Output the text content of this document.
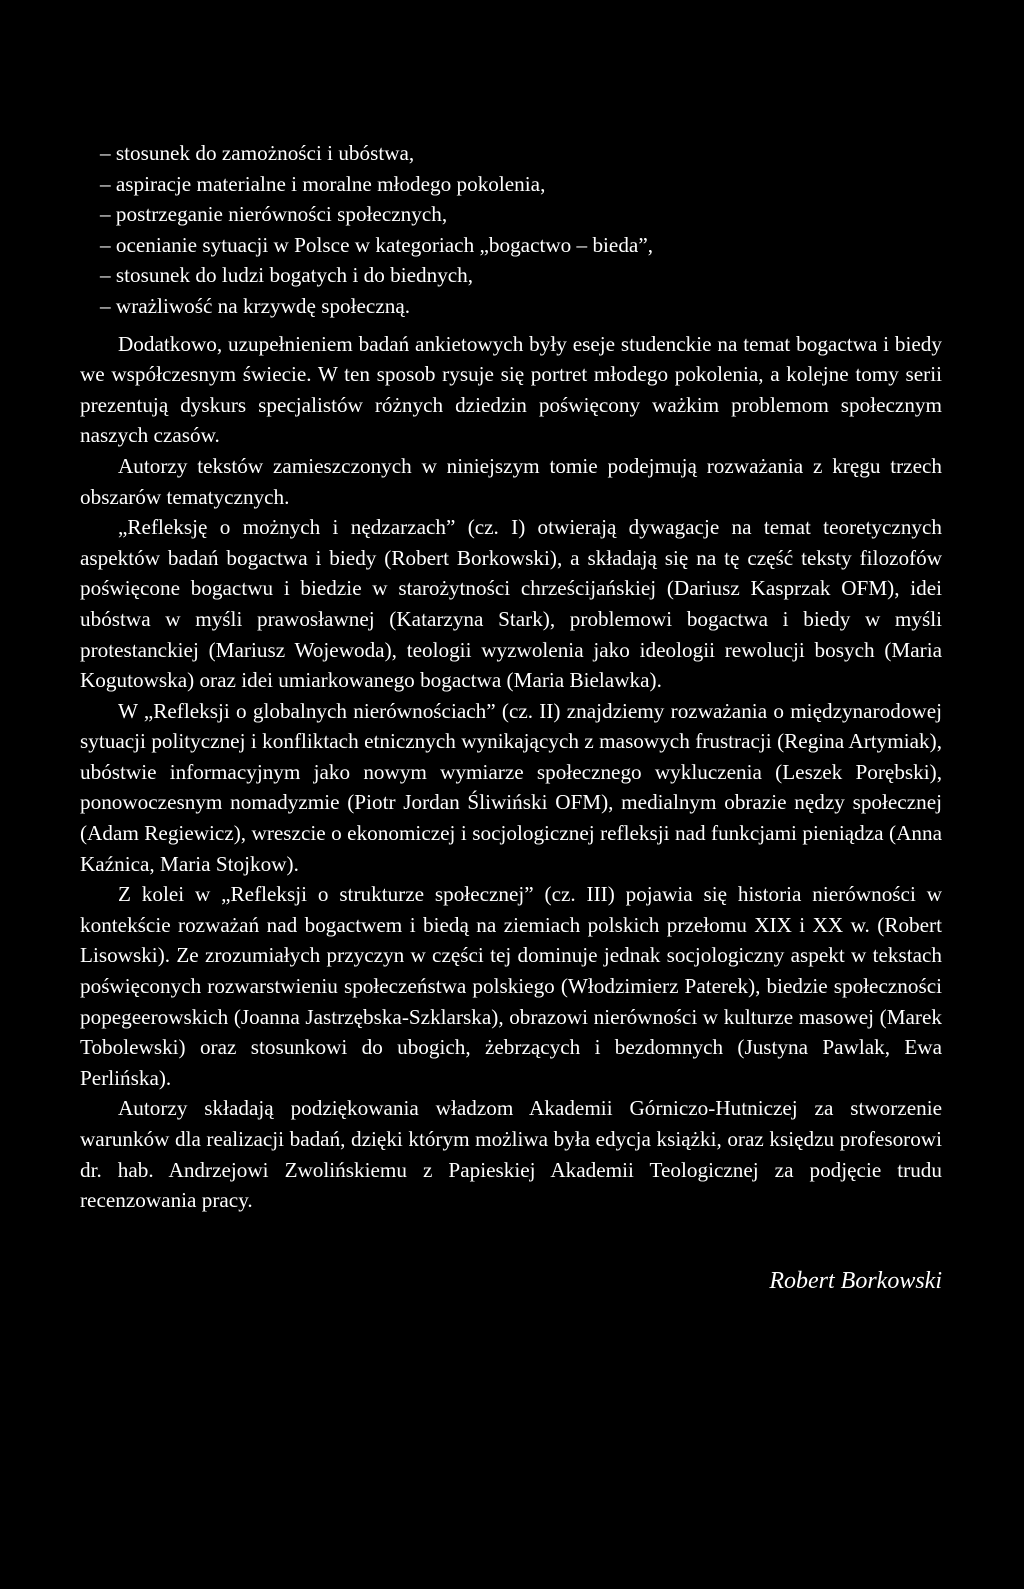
– stosunek do zamożności i ubóstwa,
– aspiracje materialne i moralne młodego pokolenia,
– postrzeganie nierówności społecznych,
– ocenianie sytuacji w Polsce w kategoriach „bogactwo – bieda”,
– stosunek do ludzi bogatych i do biednych,
– wrażliwość na krzywdę społeczną.

Dodatkowo, uzupełnieniem badań ankietowych były eseje studenckie na temat bogactwa i biedy we współczesnym świecie. W ten sposob rysuje się portret młodego pokolenia, a kolejne tomy serii prezentują dyskurs specjalistów różnych dziedzin poświęcony ważkim problemom społecznym naszych czasów.

Autorzy tekstów zamieszczonych w niniejszym tomie podejmują rozważania z kręgu trzech obszarów tematycznych.

„Refleksję o możnych i nędzarzach” (cz. I) otwierają dywagacje na temat teoretycznych aspektów badań bogactwa i biedy (Robert Borkowski), a składają się na tę część teksty filozofów poświęcone bogactwu i biedzie w starożytności chrześcijańskiej (Dariusz Kasprzak OFM), idei ubóstwa w myśli prawosławnej (Katarzyna Stark), problemowi bogactwa i biedy w myśli protestanckiej (Mariusz Wojewoda), teologii wyzwolenia jako ideologii rewolucji bosych (Maria Kogutowska) oraz idei umiarkowanego bogactwa (Maria Bielawka).

W „Refleksji o globalnych nierównościach” (cz. II) znajdziemy rozważania o międzynarodowej sytuacji politycznej i konfliktach etnicznych wynikających z masowych frustracji (Regina Artymiak), ubóstwie informacyjnym jako nowym wymiarze społecznego wykluczenia (Leszek Porębski), ponowoczesnym nomadyzmie (Piotr Jordan Śliwiński OFM), medialnym obrazie nędzy społecznej (Adam Regiewicz), wreszcie o ekonomiczej i socjologicznej refleksji nad funkcjami pieniądza (Anna Kaźnica, Maria Stojkow).

Z kolei w „Refleksji o strukturze społecznej” (cz. III) pojawia się historia nierówności w kontekście rozważań nad bogactwem i biedą na ziemiach polskich przełomu XIX i XX w. (Robert Lisowski). Ze zrozumiałych przyczyn w części tej dominuje jednak socjologiczny aspekt w tekstach poświęconych rozwarstwieniu społeczeństwa polskiego (Włodzimierz Paterek), biedzie społeczności popegeerowskich (Joanna Jastrzębska-Szklarska), obrazowi nierówności w kulturze masowej (Marek Tobolewski) oraz stosunkowi do ubogich, żebrzących i bezdomnych (Justyna Pawlak, Ewa Perlińska).

Autorzy składają podziękowania władzom Akademii Górniczo-Hutniczej za stworzenie warunków dla realizacji badań, dzięki którym możliwa była edycja książki, oraz księdzu profesorowi dr. hab. Andrzejowi Zwolińskiemu z Papieskiej Akademii Teologicznej za podjęcie trudu recenzowania pracy.

Robert Borkowski
